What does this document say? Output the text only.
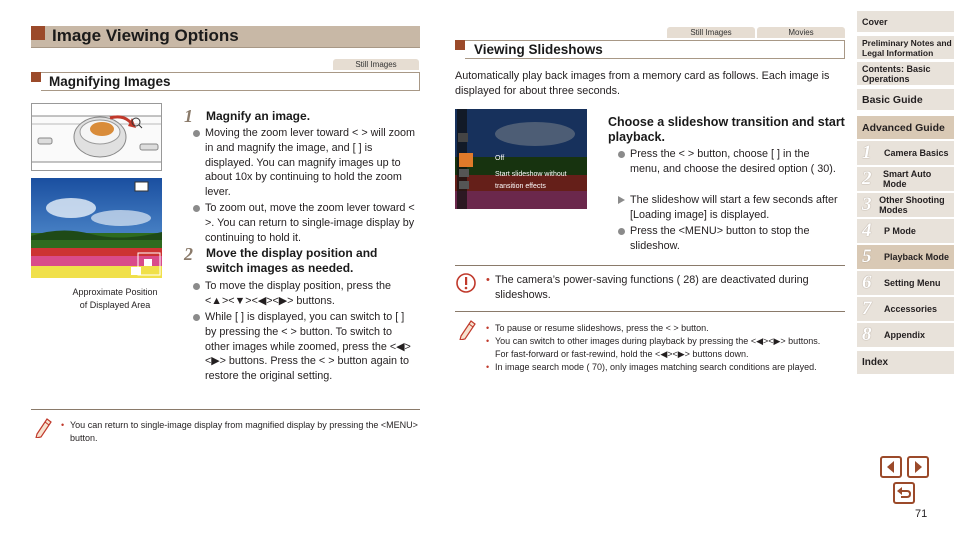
Image Viewing Options
Still Images
Magnifying Images
Approximate Position
of Displayed Area
1 Magnify an image.
Moving the zoom lever toward < > will zoom in and magnify the image, and [ ] is displayed. You can magnify images up to about 10x by continuing to hold the zoom lever.
To zoom out, move the zoom lever toward < >. You can return to single-image display by continuing to hold it.
2 Move the display position and switch images as needed.
To move the display position, press the <▲><▼><◀><▶> buttons.
While [ ] is displayed, you can switch to [ ] by pressing the < > button. To switch to other images while zoomed, press the <◀><▶> buttons. Press the < > button again to restore the original setting.
• You can return to single-image display from magnified display by pressing the <MENU> button.
Still Images	Movies
Viewing Slideshows
Automatically play back images from a memory card as follows. Each image is displayed for about three seconds.
Off
Start slideshow without
transition effects
Choose a slideshow transition and start playback.
Press the < > button, choose [ ] in the menu, and choose the desired option ( 30).
The slideshow will start a few seconds after [Loading image] is displayed.
Press the <MENU> button to stop the slideshow.
• The camera’s power-saving functions ( 28) are deactivated during slideshows.
• To pause or resume slideshows, press the < > button.
• You can switch to other images during playback by pressing the <◀><▶> buttons. For fast-forward or fast-rewind, hold the <◀><▶> buttons down.
• In image search mode ( 70), only images matching search conditions are played.
Cover
Preliminary Notes and Legal Information
Contents: Basic Operations
Basic Guide
Advanced Guide
1	Camera Basics
2	Smart Auto Mode
3 Other Shooting Modes
4	P Mode
5	Playback Mode
6	Setting Menu
7	Accessories
8	Appendix
Index
71
